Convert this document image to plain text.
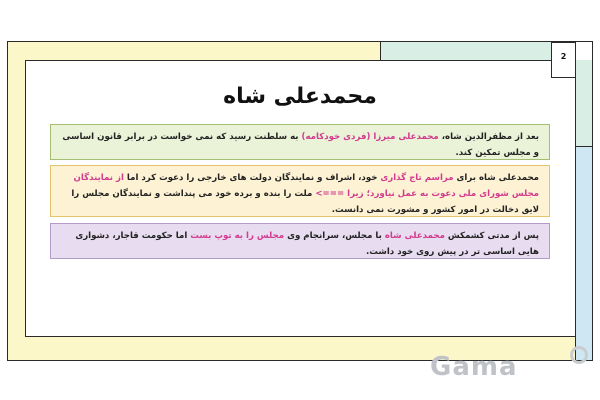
2
محمدعلی شاه
بعد از مظفرالدین شاه، محمدعلی میرزا (فردی خودکامه) به سلطنت رسید که نمی خواست در برابر قانون اساسی و مجلس تمکین کند.
محمدعلی شاه برای مراسم تاج گذاری خود، اشراف و نمایندگان دولت های خارجی را دعوت کرد اما از نمایندگان مجلس شورای ملی دعوت به عمل نیاورد؛ زیرا ===> ملت را بنده و برده خود می پنداشت و نمایندگان مجلس را لایق دخالت در امور کشور و مشورت نمی دانست.
پس از مدتی کشمکش محمدعلی شاه با مجلس، سرانجام وی مجلس را به توپ بست اما حکومت قاجار، دشواری هایی اساسی تر در پیش روی خود داشت.
Gama
